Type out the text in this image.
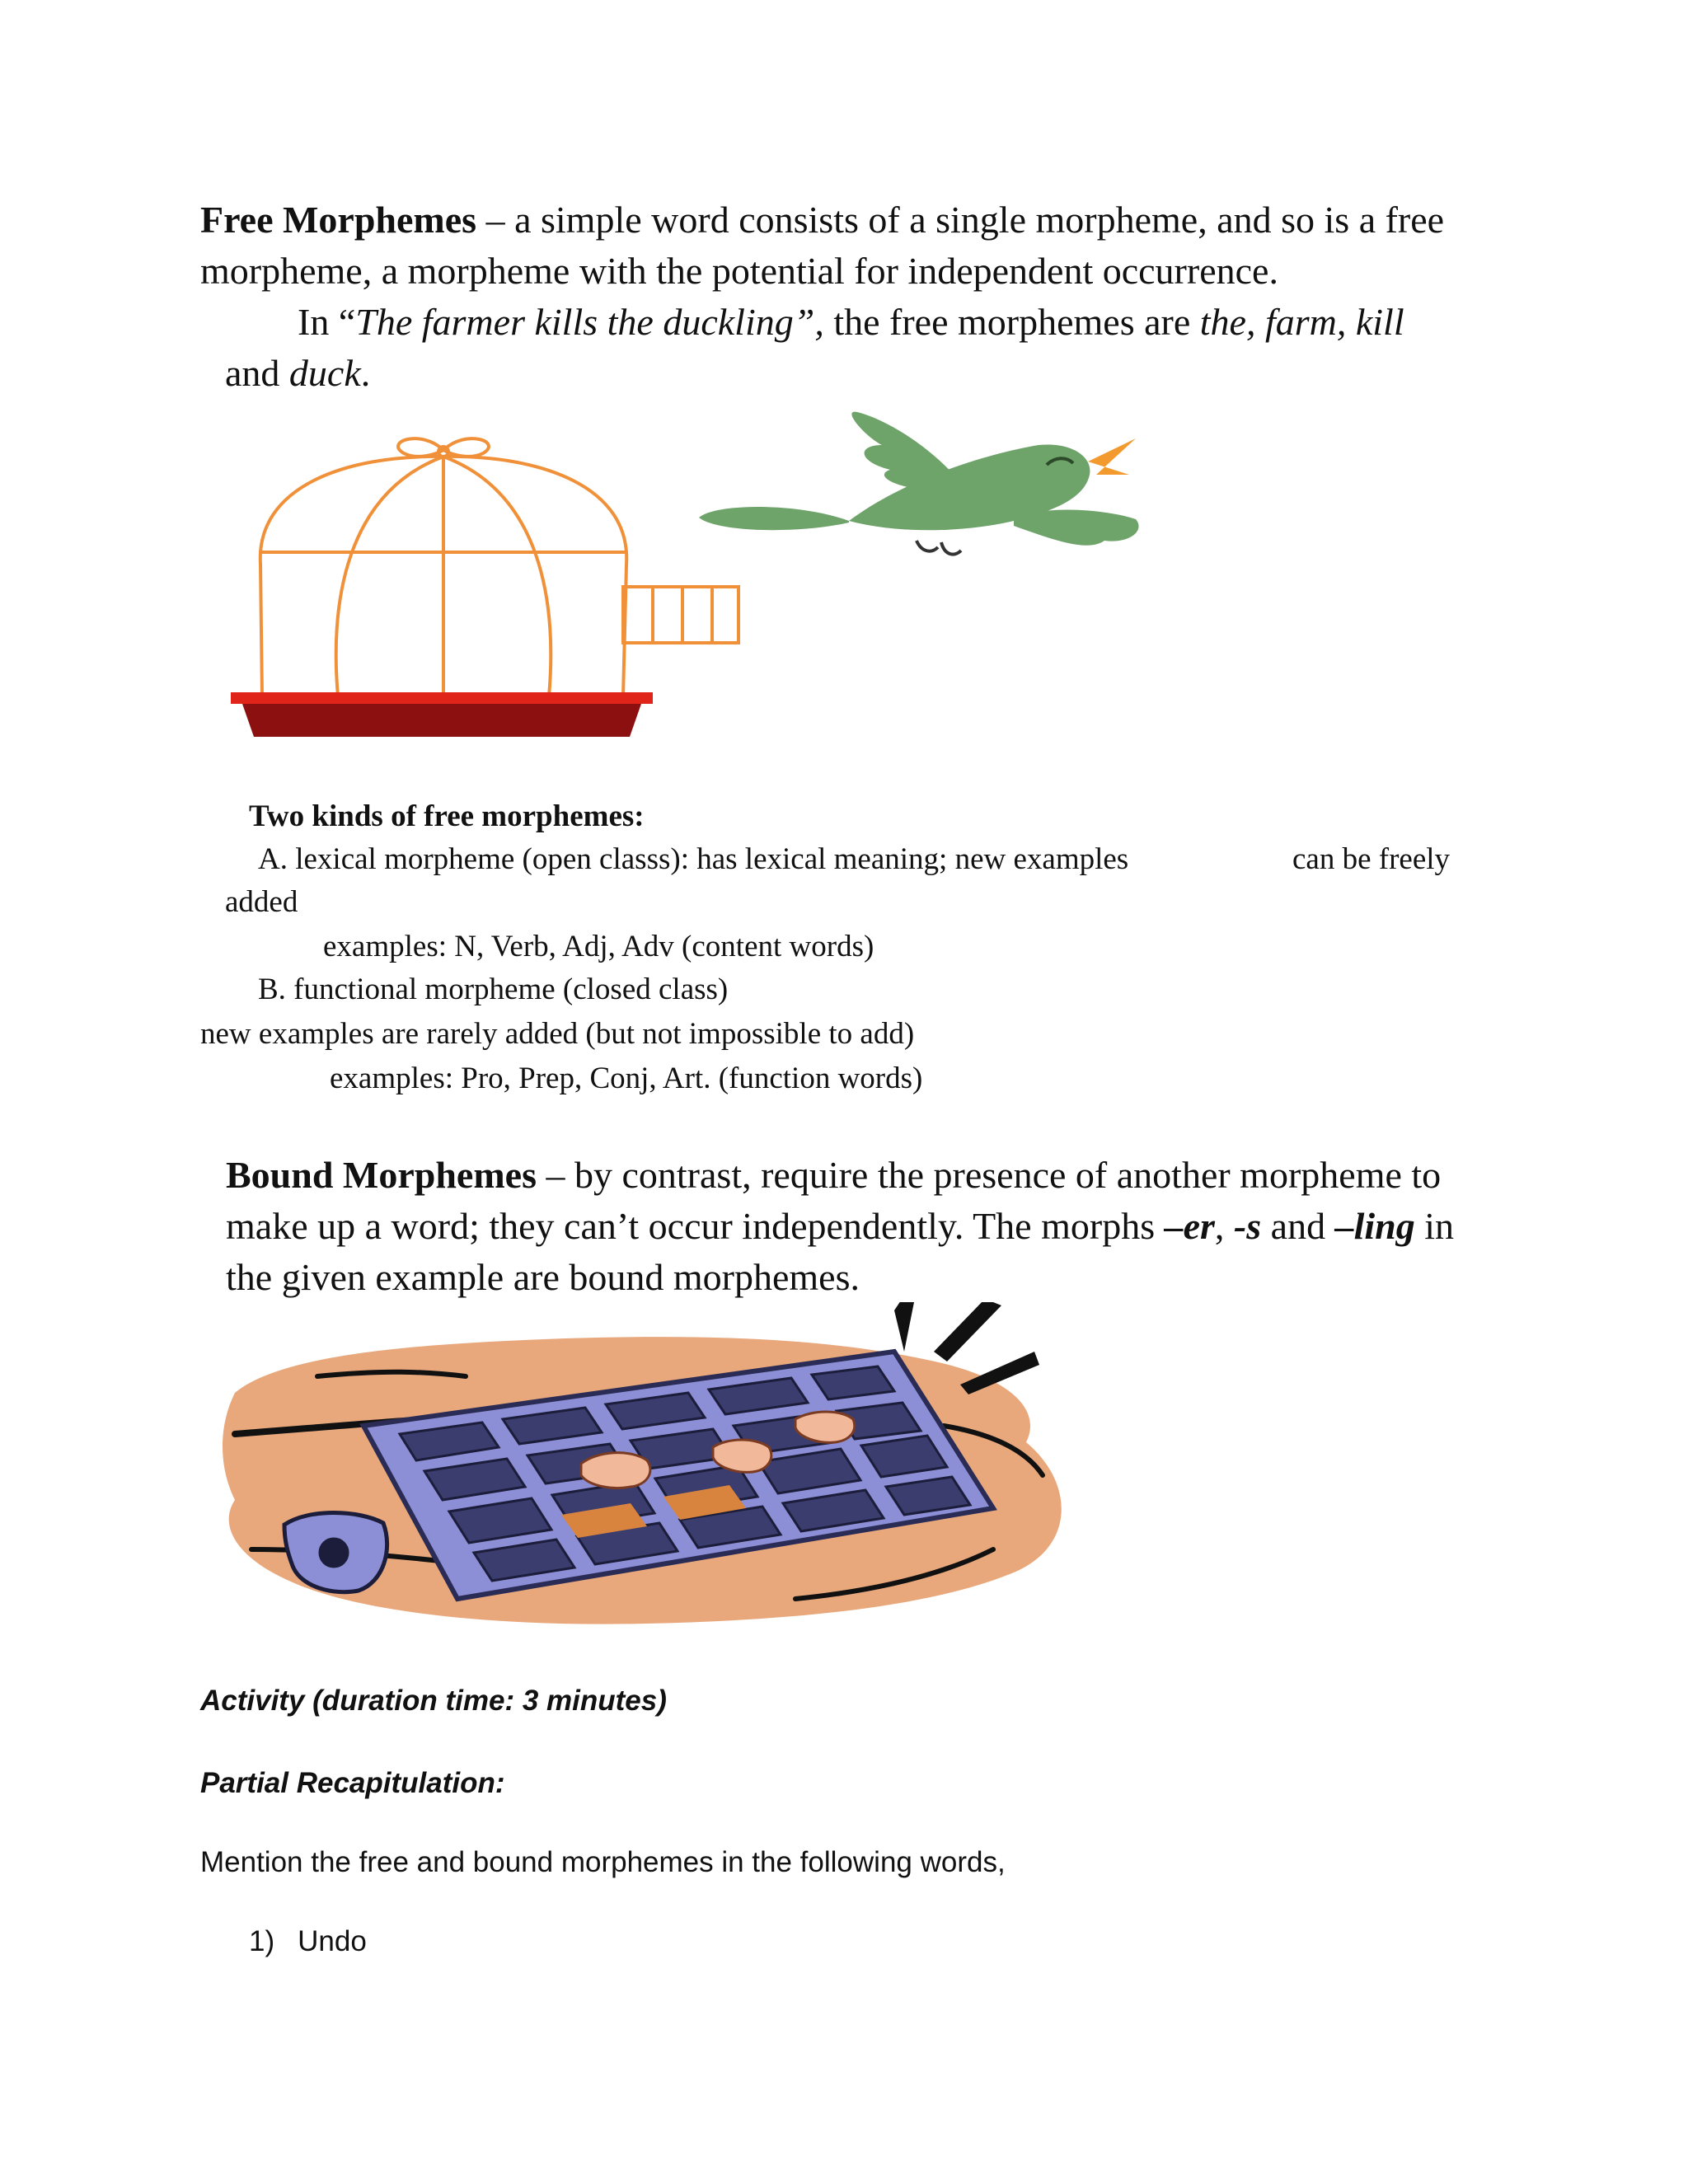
Free Morphemes – a simple word consists of a single morpheme, and so is a free
morpheme, a morpheme with the potential for independent occurrence.
In “The farmer kills the duckling”, the free morphemes are the, farm, kill
and duck.
Two kinds of free morphemes:
A. lexical morpheme (open classs): has lexical meaning; new examples	can be freely
added
examples: N, Verb, Adj, Adv (content words)
B. functional morpheme (closed class)
new examples are rarely added (but not impossible to add)
examples: Pro, Prep, Conj, Art. (function words)
Bound Morphemes – by contrast, require the presence of another morpheme to
make up a word; they can’t occur independently. The morphs –er, -s and –ling in
the given example are bound morphemes.
Activity (duration time: 3 minutes)
Partial Recapitulation:
Mention the free and bound morphemes in the following words,
1) Undo
